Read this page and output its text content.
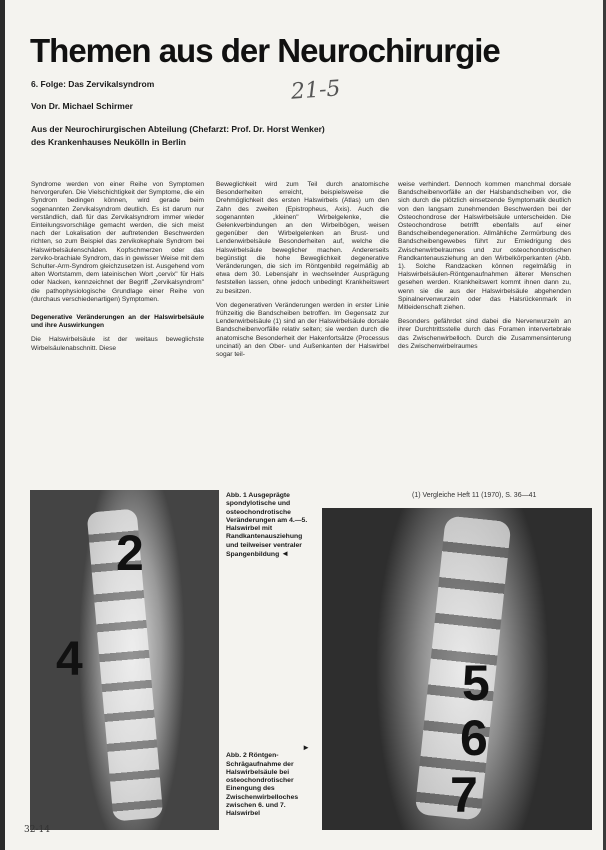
Themen aus der Neurochirurgie
6. Folge: Das Zervikalsyndrom	21-5
Von Dr. Michael Schirmer
Aus der Neurochirurgischen Abteilung (Chefarzt: Prof. Dr. Horst Wenker)
des Krankenhauses Neukölln in Berlin

Syndrome werden von einer Reihe von Symptomen hervorgerufen. Die Vielschichtigkeit der Symptome, die ein Syndrom bedingen können, wird gerade beim sogenannten Zervikalsyndrom deutlich. Es ist darum nur verständlich, daß für das Zervikalsyndrom immer wieder Einteilungsvorschläge gemacht werden, die sich meist nach der Lokalisation der auftretenden Beschwerden richten, so zum Beispiel das zervikokephale Syndrom bei Halswirbelsäulenschäden. Kopfschmerzen oder das zerviko-brachiale Syndrom, das in gewisser Weise mit dem Schulter-Arm-Syndrom gleichzusetzen ist. Ausgehend vom alten Wortstamm, dem lateinischen Wort „cervix" für Hals oder Nacken, kennzeichnet der Begriff „Zervikalsyndrom" die pathophysiologische Grundlage einer Reihe von (durchaus verschiedenartigen) Symptomen.

Degenerative Veränderungen an der Halswirbelsäule und ihre Auswirkungen

Die Halswirbelsäule ist der weitaus beweglichste Wirbelsäulenabschnitt. Diese

Beweglichkeit wird zum Teil durch anatomische Besonderheiten erreicht, beispielsweise die Drehmöglichkeit des ersten Halswirbels (Atlas) um den Zahn des zweiten (Epistropheus, Axis). Auch die sogenannten „kleinen" Wirbelgelenke, die Gelenkverbindungen an den Wirbelbögen, weisen gegenüber den Wirbelgelenken an Brust- und Lendenwirbelsäule Besonderheiten auf, welche die Halswirbelsäule beweglicher machen. Andererseits begünstigt die hohe Beweglichkeit degenerative Veränderungen, die sich im Röntgenbild regelmäßig ab etwa dem 30. Lebensjahr in wechselnder Ausprägung feststellen lassen, ohne jedoch unbedingt Krankheitswert zu besitzen.

Von degenerativen Veränderungen werden in erster Linie frühzeitig die Bandscheiben betroffen. Im Gegensatz zur Lendenwirbelsäule (1) sind an der Halswirbelsäule dorsale Bandscheibenvorfälle relativ selten; sie werden durch die anatomische Besonderheit der Hakenfortsätze (Processus uncinati) an den Ober- und Außenkanten der Halswirbel sogar teil-

weise verhindert. Dennoch kommen manchmal dorsale Bandscheibenvorfälle an der Halsbandscheiben vor, die sich durch die plötzlich einsetzende Symptomatik deutlich von den langsam zunehmenden Beschwerden bei der Osteochondrose der Halswirbelsäule unterscheiden. Die Osteochondrose betrifft ebenfalls auf einer Bandscheibendegeneration. Allmähliche Zermürbung des Bandscheibengewebes führt zur Erniedrigung des Zwischenwirbelraumes und zur osteochondrotischen Randkantenausziehung an den Wirbelkörperkanten (Abb. 1). Solche Randzacken können regelmäßig in Halswirbelsäulen-Röntgenaufnahmen älterer Menschen gesehen werden. Krankheitswert kommt ihnen dann zu, wenn sie die aus der Halswirbelsäule abgehenden Spinalnervenwurzeln oder das Halsrückenmark in Mitleidenschaft ziehen.

Besonders gefährdet sind dabei die Nervenwurzeln an ihrer Durchtrittsstelle durch das Foramen intervertebrale das Zwischenwirbelloch. Durch die Zusammensinterung des Zwischenwirbelraumes

(1) Vergleiche Heft 11 (1970), S. 36—41
2
4
Abb. 1 Ausgeprägte spondylotische und osteochondrotische Veränderungen am 4.—5. Halswirbel mit Randkantenausziehung und teilweiser ventraler Spangenbildung ◄
►
Abb. 2 Röntgen-Schrägaufnahme der Halswirbelsäule bei osteochondrotischer Einengung des Zwischenwirbelloches zwischen 6. und 7. Halswirbel
5
6
7
32-14
